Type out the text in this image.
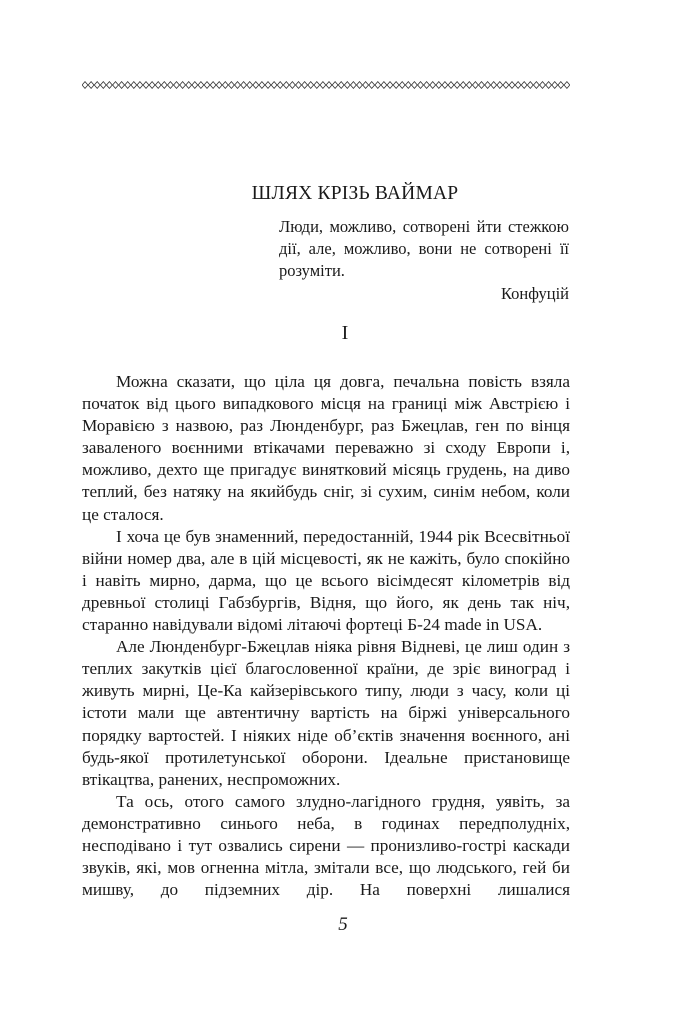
ШЛЯХ КРІЗЬ ВАЙМАР
Люди, можливо, сотворені йти стежкою дії, але, можливо, вони не сотворені її розуміти.
Конфуцій
І

Можна сказати, що ціла ця довга, печальна повість взяла початок від цього випадкового місця на границі між Австрією і Моравією з назвою, раз Люнденбург, раз Бжецлав, ген по вінця заваленого воєнними втікачами переважно зі сходу Европи і, можливо, дехто ще пригадує винятковий місяць грудень, на диво теплий, без натяку на якийбудь сніг, зі сухим, синім небом, коли це сталося.

І хоча це був знаменний, передостанній, 1944 рік Всесвітньої війни номер два, але в цій місцевості, як не кажіть, було спокійно і навіть мирно, дарма, що це всього вісімдесят кілометрів від древньої столиці Габзбургів, Відня, що його, як день так ніч, старанно навідували відомі літаючі фортеці Б-24 made in USA.

Але Люнденбург-Бжецлав ніяка рівня Відневі, це лиш один з теплих закутків цієї благословенної країни, де зріє виноград і живуть мирні, Це-Ка кайзерівського типу, люди з часу, коли ці істоти мали ще автентичну вартість на біржі універсального порядку вартостей. І ніяких ніде об’єктів значення воєнного, ані будь-якої протилетунської оборони. Ідеальне пристановище втікацтва, ранених, неспроможних.

Та ось, отого самого злудно-лагідного грудня, уявіть, за демонстративно синього неба, в годинах передполудніх, несподівано і тут озвались сирени — пронизливо-гострі каскади звуків, які, мов огненна мітла, змітали все, що людського, гей би мишву, до підземних дір. На поверхні лишалися

5
